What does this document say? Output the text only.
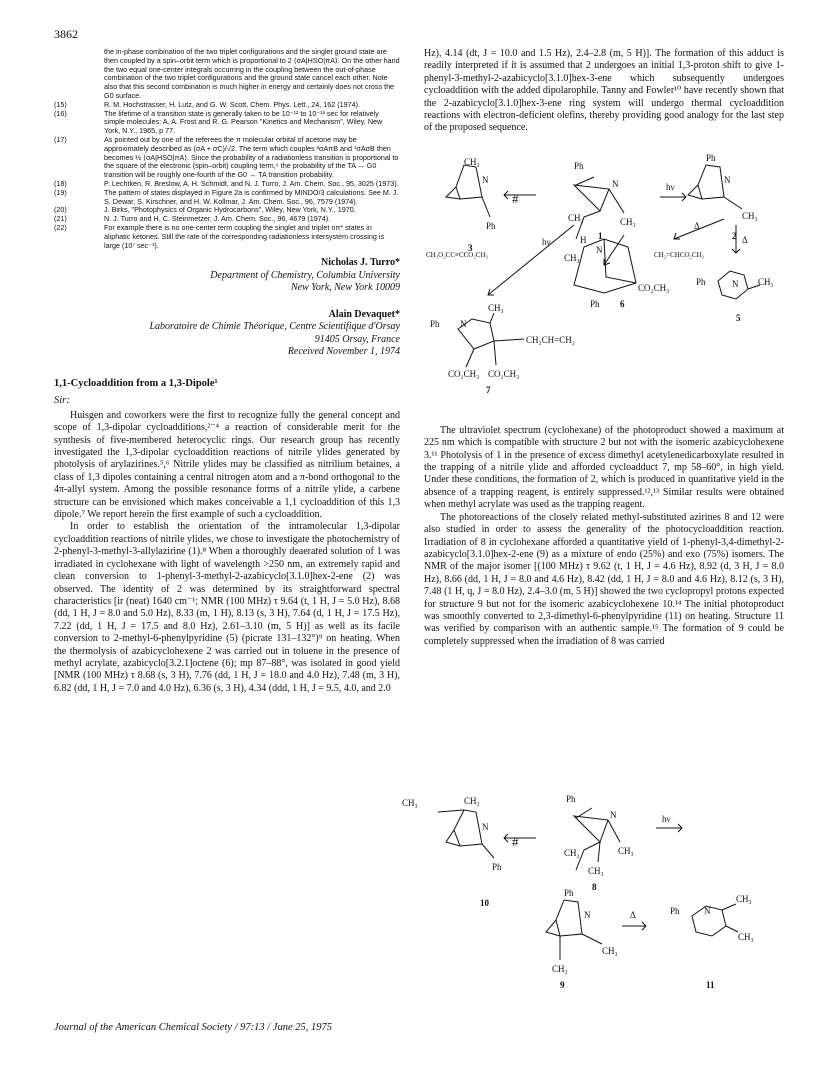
3862

the in-phase combination of the two triplet configurations and the singlet ground state are then coupled by a spin–orbit term which is proportional to 2 ⟨σA|HSO|πA⟩. On the other hand the two equal one-center integrals occurring in the coupling between the out-of-phase combination of the two triplet configurations and the ground state cancel each other. Note also that this second combination is much higher in energy and certainly does not cross the G0 surface.

(15)	R. M. Hochstrasser, H. Lutz, and G. W. Scott, Chem. Phys. Lett., 24, 162 (1974).
(16)	The lifetime of a transition state is generally taken to be 10⁻¹² to 10⁻¹³ sec for relatively simple molecules: A. A. Frost and R. G. Pearson "Kinetics and Mechanism", Wiley, New York, N.Y., 1965, p 77.
(17)	As pointed out by one of the referees the π molecular orbital of acetone may be approximately described as (σA + σC)/√2. The term which couples ³σAπB and ¹σAσB then becomes ½ ⟨σA|HSO|πA⟩. Since the probability of a radiationless transition is proportional to the square of the electronic (spin–orbit) coupling term,⁶ the probability of the TA → G0 transition will be roughly one-fourth of the G0 → TA transition probability.
(18)	P. Lechtken, R. Breslow, A. H. Schmidt, and N. J. Turro, J. Am. Chem. Soc., 95, 3025 (1973).
(19)	The pattern of states displayed in Figure 2a is confirmed by MINDO/3 calculations. See M. J. S. Dewar, S. Kirschner, and H. W. Kollmar, J. Am. Chem. Soc., 96, 7579 (1974).
(20)	J. Birks, "Photophysics of Organic Hydrocarbons", Wiley, New York, N.Y., 1970.
(21)	N. J. Turro and H. C. Steinmetzer, J. Am. Chem. Soc., 96, 4679 (1974).
(22)	For example there is no one-center term coupling the singlet and triplet nπ* states in aliphatic ketones. Still the rate of the corresponding radiationless intersystem crossing is large (10⁷ sec⁻¹).
Nicholas J. Turro*
Department of Chemistry, Columbia University
New York, New York 10009
Alain Devaquet*
Laboratoire de Chimie Théorique, Centre Scientifique d'Orsay
91405 Orsay, France
Received November 1, 1974
1,1-Cycloaddition from a 1,3-Dipole¹
Sir:

Huisgen and coworkers were the first to recognize fully the general concept and scope of 1,3-dipolar cycloadditions,²⁻⁴ a reaction of considerable merit for the synthesis of five-membered heterocyclic rings. Our research group has recently investigated the 1,3-dipolar cycloaddition reactions of nitrile ylides generated by photolysis of arylazirines.⁵,⁶ Nitrile ylides may be classified as nitrilium betaines, a class of 1,3 dipoles containing a central nitrogen atom and a π-bond orthogonal to the 4π-allyl system. Among the possible resonance forms of a nitrile ylide, a carbene structure can be envisioned which makes conceivable a 1,1 cycloaddition of this 1,3 dipole.⁷ We report herein the first example of such a cycloaddition.

In order to establish the orientation of the intramolecular 1,3-dipolar cycloaddition reactions of nitrile ylides, we chose to investigate the photochemistry of 2-phenyl-3-methyl-3-allylazirine (1).⁸ When a thoroughly deaerated solution of 1 was irradiated in cyclohexane with light of wavelength >250 nm, an extremely rapid and clean conversion to 1-phenyl-3-methyl-2-azabicyclo[3.1.0]hex-2-ene (2) was observed. The identity of 2 was determined by its straightforward spectral characteristics [ir (neat) 1640 cm⁻¹; NMR (100 MHz) τ 9.64 (t, 1 H, J = 5.0 Hz), 8.68 (dd, 1 H, J = 8.0 and 5.0 Hz), 8.33 (m, 1 H), 8.13 (s, 3 H), 7.64 (d, 1 H, J = 17.5 Hz), 7.22 (dd, 1 H, J = 17.5 and 8.0 Hz), 2.61–3.10 (m, 5 H)] as well as its facile conversion to 2-methyl-6-phenylpyridine (5) (picrate 131–132°)⁹ on heating. When the thermolysis of azabicyclohexene 2 was carried out in toluene in the presence of methyl acrylate, azabicyclo[3.2.1]octene (6); mp 87–88°, was isolated in good yield [NMR (100 MHz) τ 8.68 (s, 3 H), 7.76 (dd, 1 H, J = 18.0 and 4.0 Hz), 7.48 (m, 3 H), 6.82 (dd, 1 H, J = 7.0 and 4.0 Hz), 6.36 (s, 3 H), 4.34 (ddd, 1 H, J = 9.5, 4.0, and 2.0

Hz), 4.14 (dt, J = 10.0 and 1.5 Hz), 2.4–2.8 (m, 5 H)]. The formation of this adduct is readily interpreted if it is assumed that 2 undergoes an initial 1,3-proton shift to give 1-phenyl-3-methyl-2-azabicyclo[3.1.0]hex-3-ene which subsequently undergoes cycloaddition with the added dipolarophile. Tanny and Fowler¹⁰ have recently shown that the 2-azabicyclo[3.1.0]hex-3-ene ring system will undergo thermal cycloaddition reactions with electron-deficient olefins, thereby providing good analogy for the last step of the proposed sequence.

CH₃
N
Ph
3
#
Ph
N
CH₃
CH₂
1
hν
Ph
N
CH₃
2 Δ
Δ
H
N
hν
CH₃O₂CC≡CCO₂CH₃	CH₂=CHCO₂CH₃
CH₃
Ph
CO₂CH₃
6
Ph	N CH₃
5
CH₃
Ph N
CH₂CH=CH₂
CO₂CH₃ CO₂CH₃
7

The ultraviolet spectrum (cyclohexane) of the photoproduct showed a maximum at 225 nm which is compatible with structure 2 but not with the isomeric azabicyclohexene 3.¹¹ Photolysis of 1 in the presence of excess dimethyl acetylenedicarboxylate resulted in the trapping of a nitrile ylide and afforded cycloadduct 7, mp 58–60°, in high yield. Under these conditions, the formation of 2, which is produced in quantitative yield in the absence of a trapping reagent, is entirely suppressed.¹²,¹³ Similar results were obtained when methyl acrylate was used as the trapping reagent.

The photoreactions of the closely related methyl-substituted azirines 8 and 12 were also studied in order to assess the generality of the photocycloaddition reaction. Irradiation of 8 in cyclohexane afforded a quantitative yield of 1-phenyl-3,4-dimethyl-2-azabicyclo[3.1.0]hex-2-ene (9) as a mixture of endo (25%) and exo (75%) isomers. The NMR of the major isomer [(100 MHz) τ 9.62 (t, 1 H, J = 4.6 Hz), 8.92 (d, 3 H, J = 8.0 Hz), 8.66 (dd, 1 H, J = 8.0 and 4.6 Hz), 8.42 (dd, 1 H, J = 8.0 and 4.6 Hz), 8.12 (s, 3 H), 7.48 (1 H, q, J = 8.0 Hz), 2.4–3.0 (m, 5 H)] showed the two cyclopropyl protons expected for structure 9 but not for the isomeric azabicyclohexene 10.¹⁴ The initial photoproduct was smoothly converted to 2,3-dimethyl-6-phenylpyridine (11) on heating. Structure 11 was verified by comparison with an authentic sample.¹⁵ The formation of 9 could be completely suppressed when the irradiation of 8 was carried

CH₃	CH₃
N
Ph
10
#
Ph
N
CH₃
CH₂
CH₃
8
hν
Ph
N
CH₃
CH₃
9
Δ	Ph	N
CH₃
CH₃
11
Journal of the American Chemical Society / 97:13 / June 25, 1975
